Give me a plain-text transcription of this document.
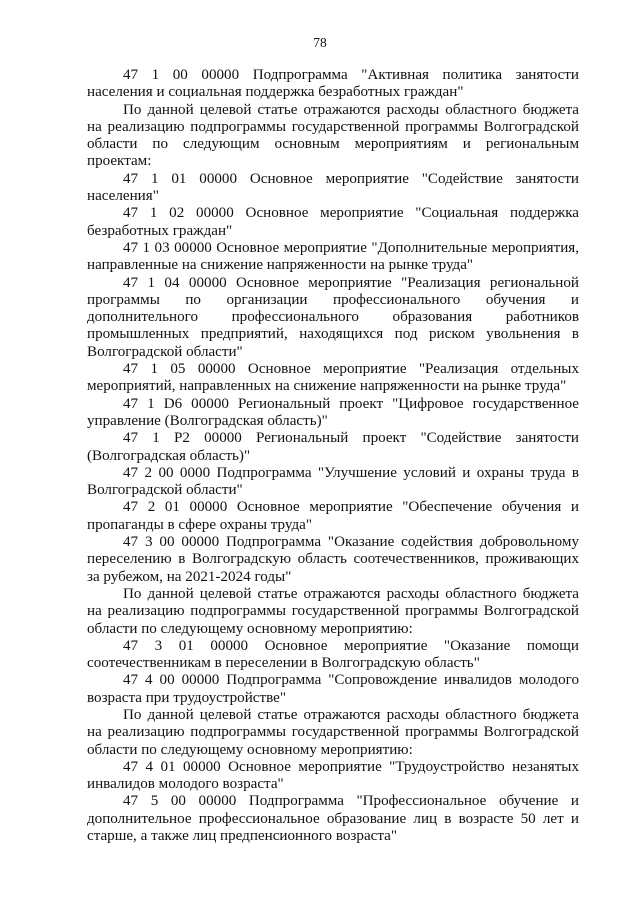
78

47 1 00 00000 Подпрограмма "Активная политика занятости населения и социальная поддержка безработных граждан"

По данной целевой статье отражаются расходы областного бюджета на реализацию подпрограммы государственной программы Волгоградской области по следующим основным мероприятиям и региональным проектам:

47 1 01 00000 Основное мероприятие "Содействие занятости населения"

47 1 02 00000 Основное мероприятие "Социальная поддержка безработных граждан"

47 1 03 00000 Основное мероприятие "Дополнительные мероприятия, направленные на снижение напряженности на рынке труда"

47 1 04 00000 Основное мероприятие "Реализация региональной программы по организации профессионального обучения и дополнительного профессионального образования работников промышленных предприятий, находящихся под риском увольнения в Волгоградской области"

47 1 05 00000 Основное мероприятие "Реализация отдельных мероприятий, направленных на снижение напряженности на рынке труда"

47 1 D6 00000 Региональный проект "Цифровое государственное управление (Волгоградская область)"

47 1 P2 00000 Региональный проект "Содействие занятости (Волгоградская область)"

47 2 00 0000 Подпрограмма "Улучшение условий и охраны труда в Волгоградской области"

47 2 01 00000 Основное мероприятие "Обеспечение обучения и пропаганды в сфере охраны труда"

47 3 00 00000 Подпрограмма "Оказание содействия добровольному переселению в Волгоградскую область соотечественников, проживающих за рубежом, на 2021-2024 годы"

По данной целевой статье отражаются расходы областного бюджета на реализацию подпрограммы государственной программы Волгоградской области по следующему основному мероприятию:

47 3 01 00000 Основное мероприятие "Оказание помощи соотечественникам в переселении в Волгоградскую область"

47 4 00 00000 Подпрограмма "Сопровождение инвалидов молодого возраста при трудоустройстве"

По данной целевой статье отражаются расходы областного бюджета на реализацию подпрограммы государственной программы Волгоградской области по следующему основному мероприятию:

47 4 01 00000 Основное мероприятие "Трудоустройство незанятых инвалидов молодого возраста"

47 5 00 00000 Подпрограмма "Профессиональное обучение и дополнительное профессиональное образование лиц в возрасте 50 лет и старше, а также лиц предпенсионного возраста"
